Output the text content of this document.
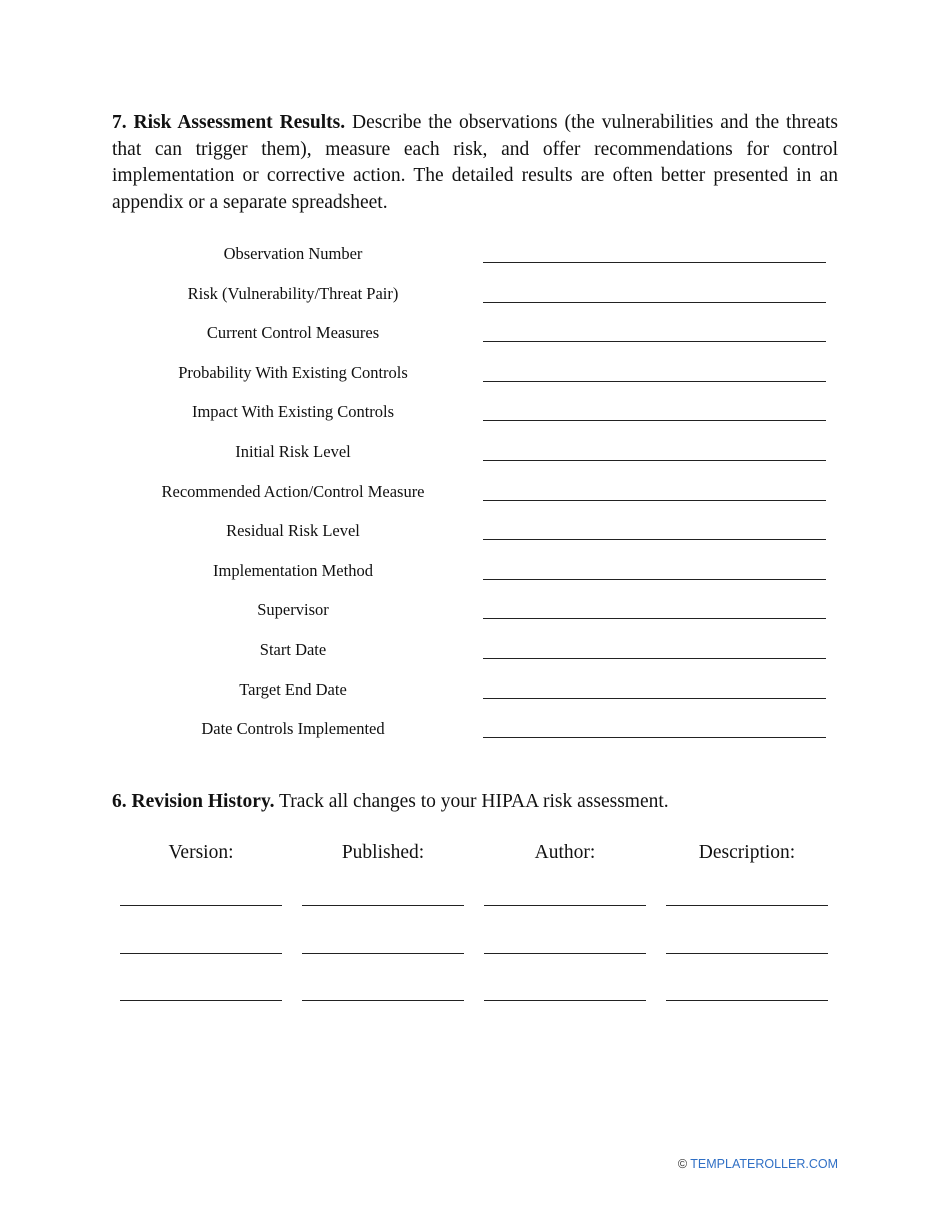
7. Risk Assessment Results. Describe the observations (the vulnerabilities and the threats that can trigger them), measure each risk, and offer recommendations for control implementation or corrective action. The detailed results are often better presented in an appendix or a separate spreadsheet.

Observation Number
Risk (Vulnerability/Threat Pair)
Current Control Measures
Probability With Existing Controls
Impact With Existing Controls
Initial Risk Level
Recommended Action/Control Measure
Residual Risk Level
Implementation Method
Supervisor
Start Date
Target End Date
Date Controls Implemented

6. Revision History. Track all changes to your HIPAA risk assessment.

Version:	Published:	Author:	Description:
© TEMPLATEROLLER.COM
